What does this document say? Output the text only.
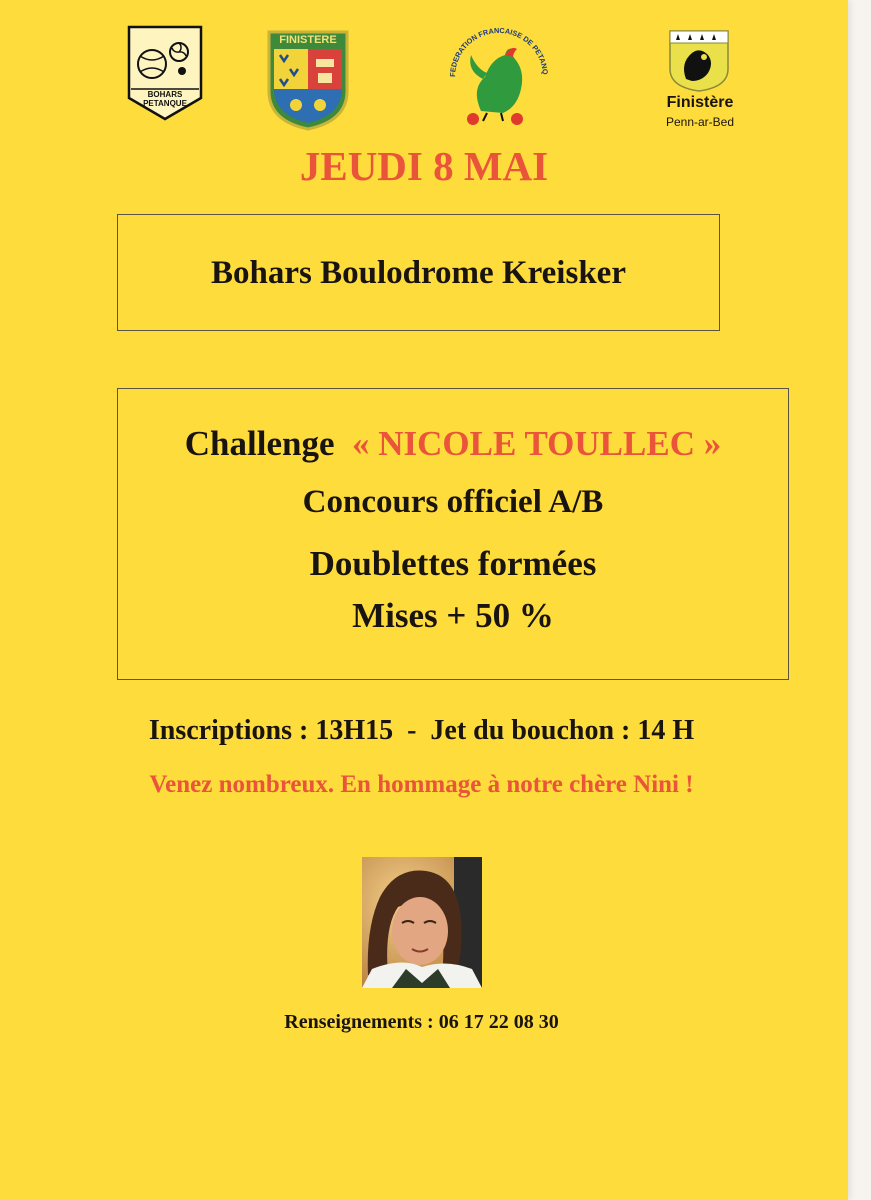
BOHARS PETANQUE
FINISTERE
FEDERATION FRANCAISE DE PETANQ
Finistère
Penn-ar-Bed
JEUDI 8 MAI
Bohars Boulodrome Kreisker
Challenge « NICOLE TOULLEC »
Concours officiel A/B
Doublettes formées
Mises + 50 %
Inscriptions : 13H15  -  Jet du bouchon : 14 H
Venez nombreux. En hommage à notre chère Nini !
Renseignements : 06 17 22 08 30
